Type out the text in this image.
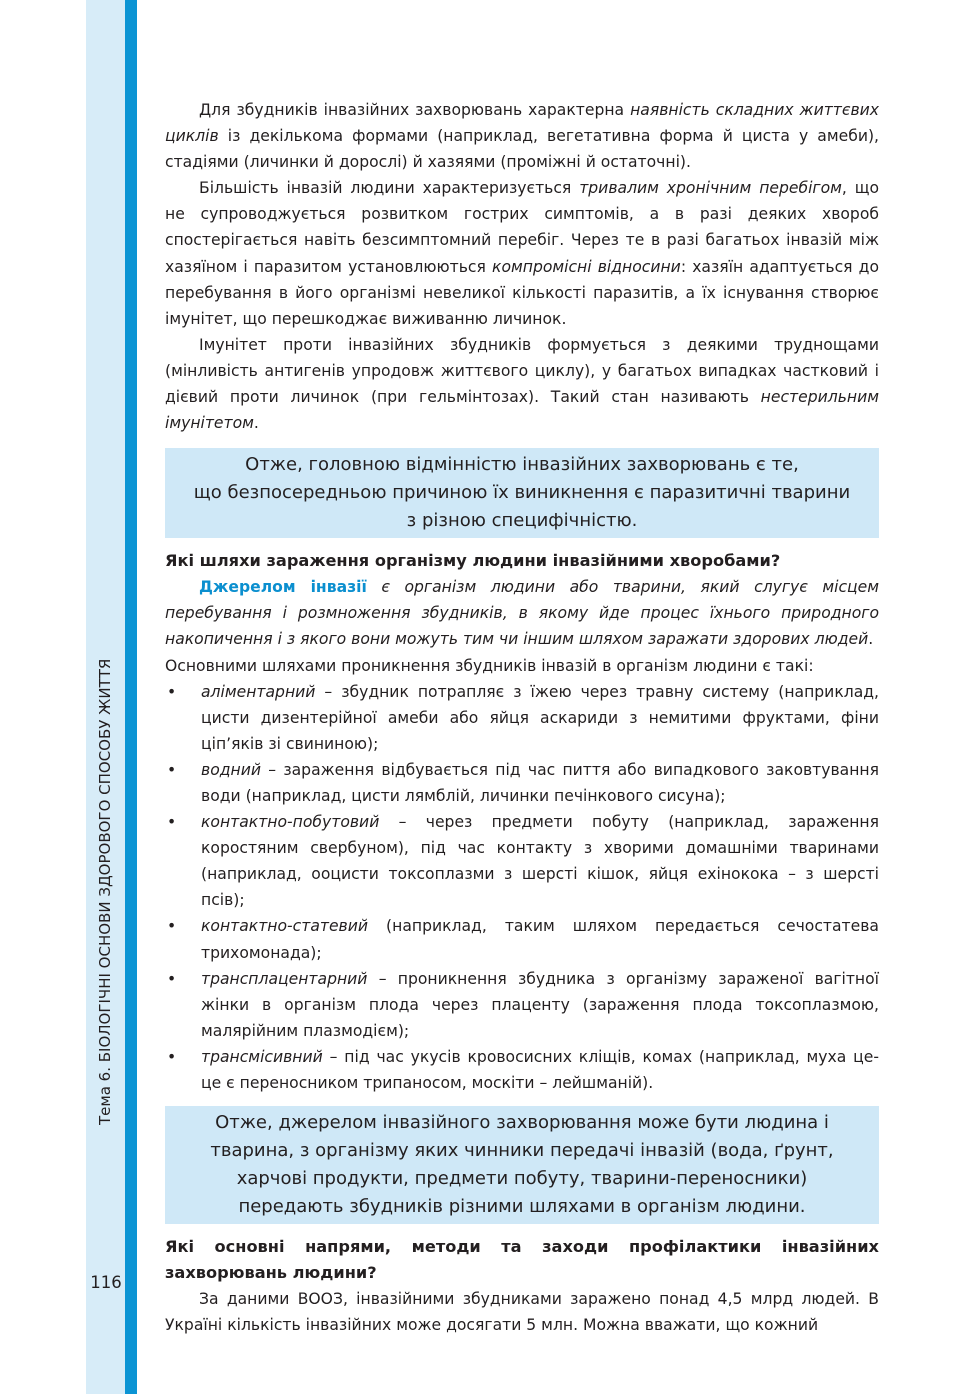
Тема 6. БІОЛОГІЧНІ ОСНОВИ ЗДОРОВОГО СПОСОБУ ЖИТТЯ
116

Для збудників інвазійних захворювань характерна наявність складних життєвих циклів із декількома формами (наприклад, вегетативна форма й циста у амеби), стадіями (личинки й дорослі) й хазяями (проміжні й остаточні).

Більшість інвазій людини характеризується тривалим хронічним перебігом, що не супроводжується розвитком гострих симптомів, а в разі деяких хвороб спостерігається навіть безсимптомний перебіг. Через те в разі багатьох інвазій між хазяїном і паразитом установлюються компромісні відносини: хазяїн адаптується до перебування в його організмі невеликої кількості паразитів, а їх існування створює імунітет, що перешкоджає виживанню личинок.

Імунітет проти інвазійних збудників формується з деякими труднощами (мінливість антигенів упродовж життєвого циклу), у багатьох випадках частковий і дієвий проти личинок (при гельмінтозах). Такий стан називають нестерильним імунітетом.

Отже, головною відмінністю інвазійних захворювань є те,
що безпосередньою причиною їх виникнення є паразитичні тварини
з різною специфічністю.

Які шляхи зараження організму людини інвазійними хворобами?

Джерелом інвазії є організм людини або тварини, який слугує місцем перебування і розмноження збудників, в якому йде процес їхнього природного накопичення і з якого вони можуть тим чи іншим шляхом заражати здорових людей.

Основними шляхами проникнення збудників інвазій в організм людини є такі:

• аліментарний – збудник потрапляє з їжею через травну систему (наприклад, цисти дизентерійної амеби або яйця аскариди з немитими фруктами, фіни ціп’яків зі свининою);
• водний – зараження відбувається під час пиття або випадкового заковтування води (наприклад, цисти лямблій, личинки печінкового сисуна);
• контактно-побутовий – через предмети побуту (наприклад, зараження коростяним свербуном), під час контакту з хворими домашніми тваринами (наприклад, ооцисти токсоплазми з шерсті кішок, яйця ехінокока – з шерсті псів);
• контактно-статевий (наприклад, таким шляхом передається сечостатева трихомонада);
• трансплацентарний – проникнення збудника з організму зараженої вагітної жінки в організм плода через плаценту (зараження плода токсоплазмою, малярійним плазмодієм);
• трансмісивний – під час укусів кровосисних кліщів, комах (наприклад, муха це-це є переносником трипаносом, москіти – лейшманій).
Отже, джерелом інвазійного захворювання може бути людина і
тварина, з організму яких чинники передачі інвазій (вода, ґрунт,
харчові продукти, предмети побуту, тварини-переносники)
передають збудників різними шляхами в організм людини.

Які основні напрями, методи та заходи профілактики інвазійних захворювань людини?

За даними ВООЗ, інвазійними збудниками заражено понад 4,5 млрд людей. В Україні кількість інвазійних може досягати 5 млн. Можна вважати, що кожний
